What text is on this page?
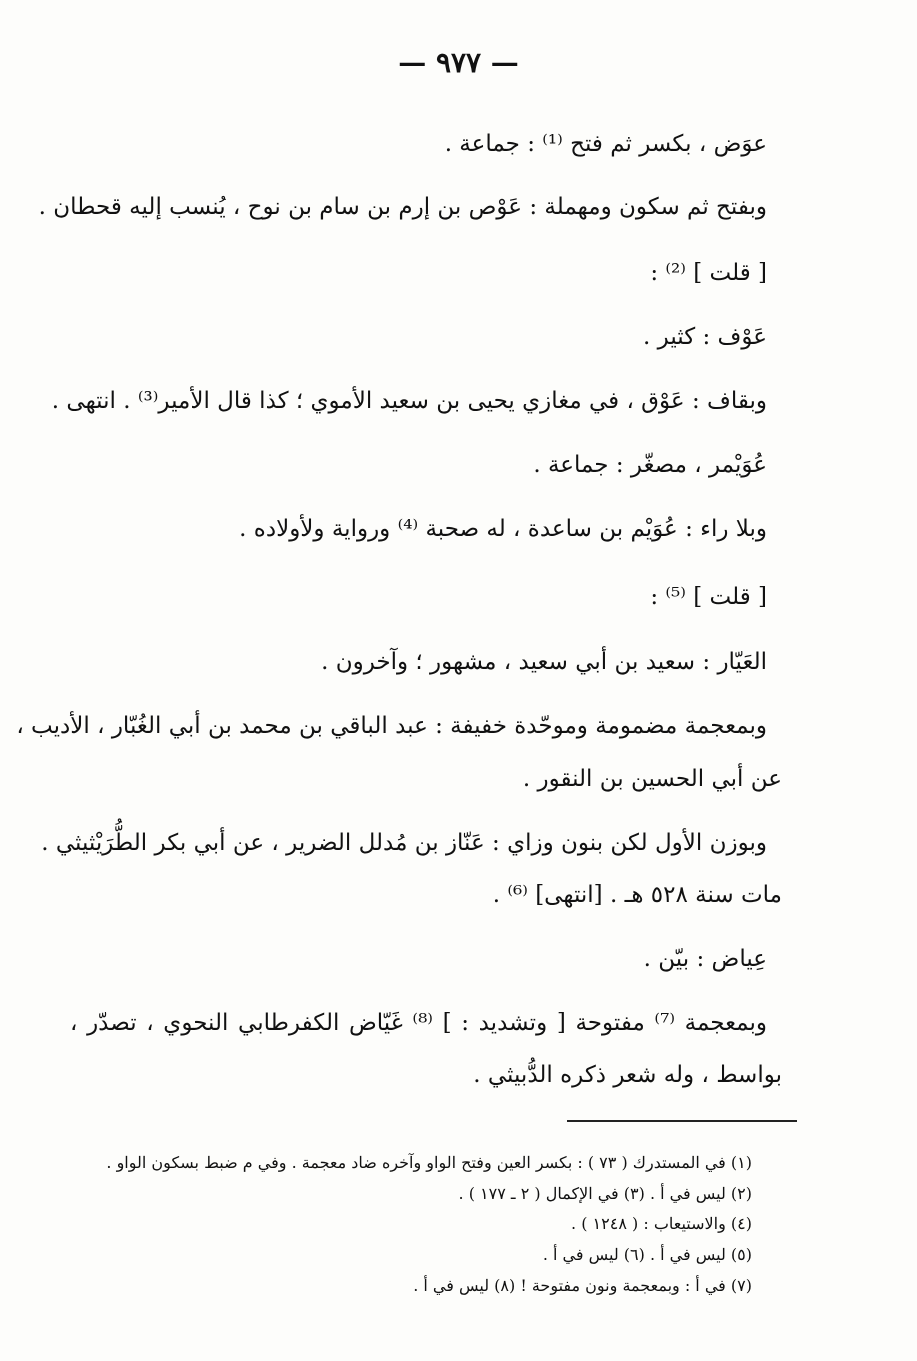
— ٩٧٧ —
عوَض ، بكسر ثم فتح ⁽¹⁾ : جماعة .
وبفتح ثم سكون ومهملة : عَوْص بن إرم بن سام بن نوح ، يُنسب إليه قحطان .
[ قلت ] ⁽²⁾ :
عَوْف : كثير .
وبقاف : عَوْق ، في مغازي يحيى بن سعيد الأموي ؛ كذا قال الأمير⁽³⁾ . انتهى .
عُوَيْمر ، مصغّر : جماعة .
وبلا راء : عُوَيْم بن ساعدة ، له صحبة ⁽⁴⁾ ورواية ولأولاده .
[ قلت ] ⁽⁵⁾ :
العَيّار : سعيد بن أبي سعيد ، مشهور ؛ وآخرون .
وبمعجمة مضمومة وموحّدة خفيفة : عبد الباقي بن محمد بن أبي الغُبّار ، الأديب ،
عن أبي الحسين بن النقور .
وبوزن الأول لكن بنون وزاي : عَنّاز بن مُدلل الضرير ، عن أبي بكر الطُّرَيْثيثي .
مات سنة ٥٢٨ هـ . [انتهى] ⁽⁶⁾ .
عِياض : بيّن .
وبمعجمة ⁽⁷⁾ مفتوحة [ وتشديد : ] ⁽⁸⁾ غَيّاض الكفرطابي النحوي ، تصدّر ،
بواسط ، وله شعر ذكره الدُّبيثي .
(١) في المستدرك ( ٧٣ ) : بكسر العين وفتح الواو وآخره ضاد معجمة . وفي م ضبط بسكون الواو .
(٢) ليس في أ . (٣) في الإكمال ( ٢ ـ ١٧٧ ) .
(٤) والاستيعاب : ( ١٢٤٨ ) .
(٥) ليس في أ . (٦) ليس في أ .
(٧) في أ : وبمعجمة ونون مفتوحة ! (٨) ليس في أ .
